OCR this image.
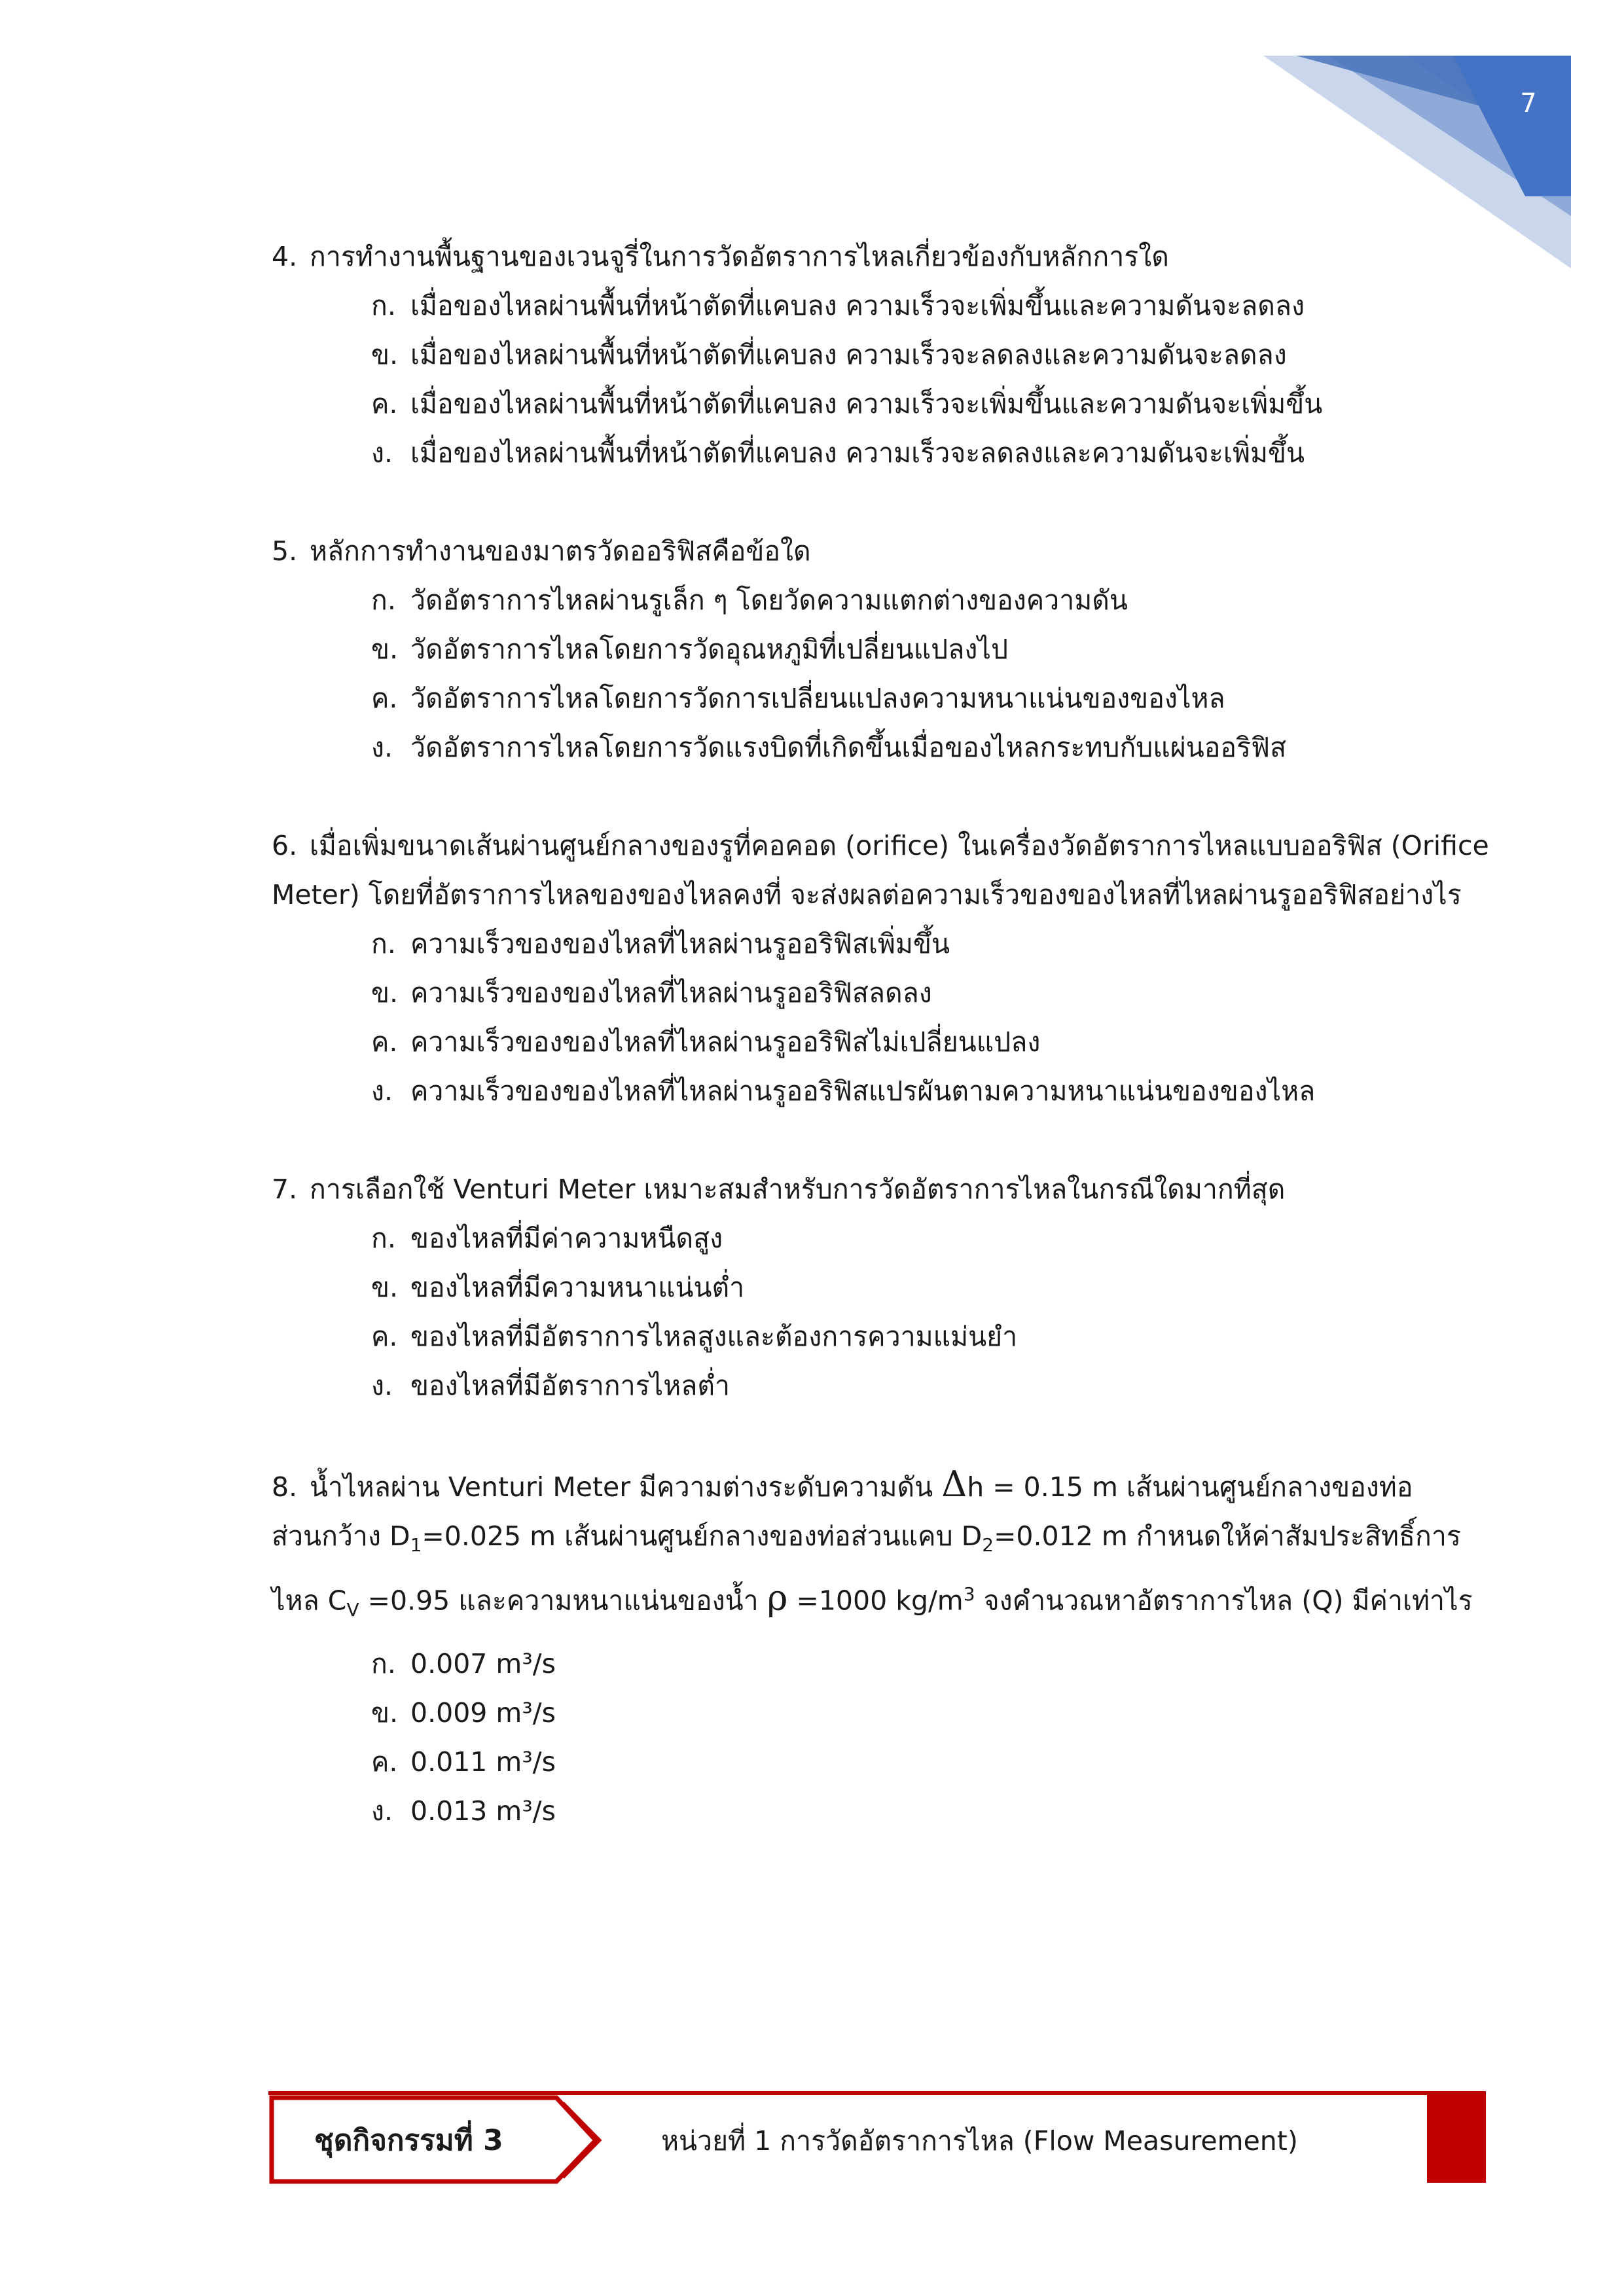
7
4. การทำงานพื้นฐานของเวนจูรี่ในการวัดอัตราการไหลเกี่ยวข้องกับหลักการใด
ก. เมื่อของไหลผ่านพื้นที่หน้าตัดที่แคบลง ความเร็วจะเพิ่มขึ้นและความดันจะลดลง
ข. เมื่อของไหลผ่านพื้นที่หน้าตัดที่แคบลง ความเร็วจะลดลงและความดันจะลดลง
ค. เมื่อของไหลผ่านพื้นที่หน้าตัดที่แคบลง ความเร็วจะเพิ่มขึ้นและความดันจะเพิ่มขึ้น
ง. เมื่อของไหลผ่านพื้นที่หน้าตัดที่แคบลง ความเร็วจะลดลงและความดันจะเพิ่มขึ้น
5. หลักการทำงานของมาตรวัดออริฟิสคือข้อใด
ก. วัดอัตราการไหลผ่านรูเล็ก ๆ โดยวัดความแตกต่างของความดัน
ข. วัดอัตราการไหลโดยการวัดอุณหภูมิที่เปลี่ยนแปลงไป
ค. วัดอัตราการไหลโดยการวัดการเปลี่ยนแปลงความหนาแน่นของของไหล
ง. วัดอัตราการไหลโดยการวัดแรงบิดที่เกิดขึ้นเมื่อของไหลกระทบกับแผ่นออริฟิส
6. เมื่อเพิ่มขนาดเส้นผ่านศูนย์กลางของรูที่คอคอด (orifice) ในเครื่องวัดอัตราการไหลแบบออริฟิส (Orifice
Meter) โดยที่อัตราการไหลของของไหลคงที่ จะส่งผลต่อความเร็วของของไหลที่ไหลผ่านรูออริฟิสอย่างไร
ก. ความเร็วของของไหลที่ไหลผ่านรูออริฟิสเพิ่มขึ้น
ข. ความเร็วของของไหลที่ไหลผ่านรูออริฟิสลดลง
ค. ความเร็วของของไหลที่ไหลผ่านรูออริฟิสไม่เปลี่ยนแปลง
ง. ความเร็วของของไหลที่ไหลผ่านรูออริฟิสแปรผันตามความหนาแน่นของของไหล
7. การเลือกใช้ Venturi Meter เหมาะสมสำหรับการวัดอัตราการไหลในกรณีใดมากที่สุด
ก. ของไหลที่มีค่าความหนืดสูง
ข. ของไหลที่มีความหนาแน่นต่ำ
ค. ของไหลที่มีอัตราการไหลสูงและต้องการความแม่นยำ
ง. ของไหลที่มีอัตราการไหลต่ำ
8. น้ำไหลผ่าน Venturi Meter มีความต่างระดับความดัน Δh = 0.15 m เส้นผ่านศูนย์กลางของท่อ
ส่วนกว้าง $D_1=0.025$ m เส้นผ่านศูนย์กลางของท่อส่วนแคบ $D_2=0.012$ m กำหนดให้ค่าสัมประสิทธิ์การ
ไหล $C_V =0.95$ และความหนาแน่นของน้ำ ρ =1000 $kg/m^3$ จงคำนวณหาอัตราการไหล (Q) มีค่าเท่าไร
ก. 0.007 m³/s
ข. 0.009 m³/s
ค. 0.011 m³/s
ง. 0.013 m³/s
ชุดกิจกรรมที่ 3	หน่วยที่ 1 การวัดอัตราการไหล (Flow Measurement)
